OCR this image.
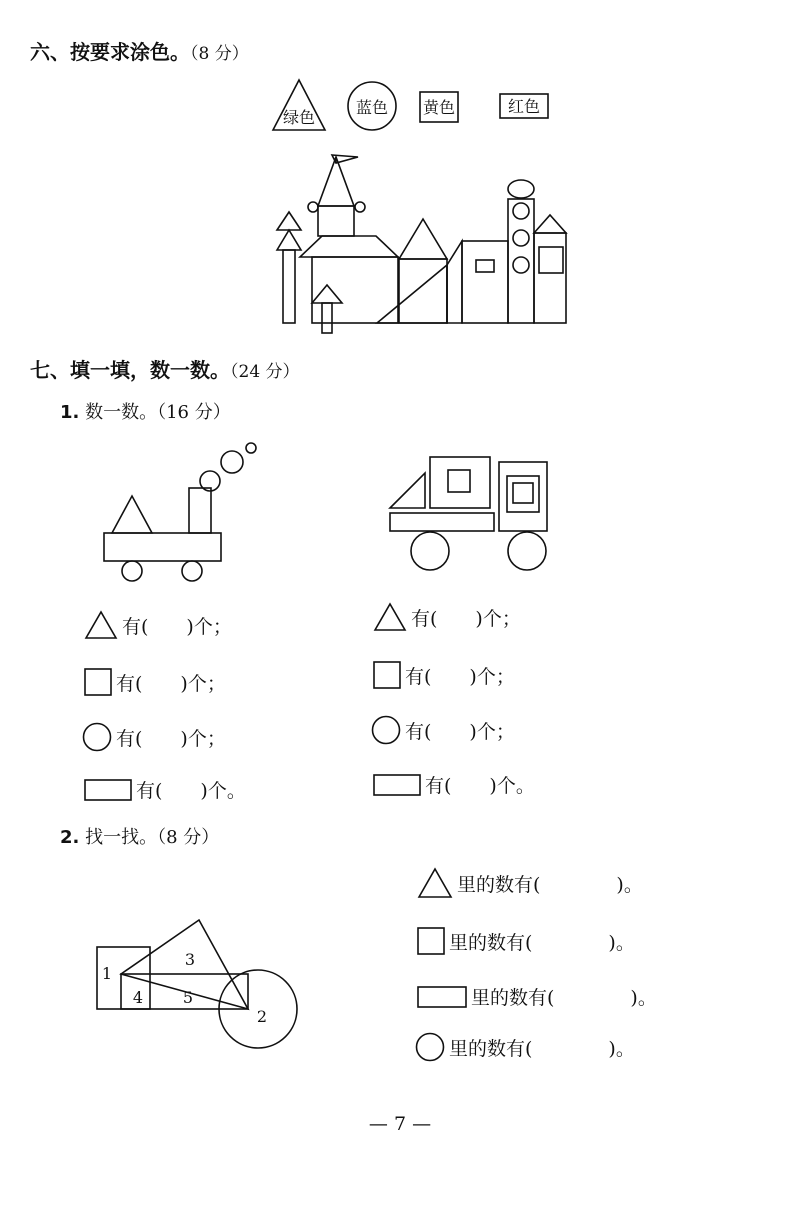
六、按要求涂色。（8 分）
绿色
蓝色 黄色	红色
七、填一填，数一数。（24 分）
1. 数一数。（16 分）
有(　　)个；
有(　　)个；
有(　　)个；
有(　　)个。
有(　　)个；
有(　　)个；
有(　　)个；
有(　　)个。
2. 找一找。（8 分）
1
2
3
4 5
里的数有(　　　　)。
里的数有(　　　　)。
里的数有(　　　　)。
里的数有(　　　　)。
— 7 —
